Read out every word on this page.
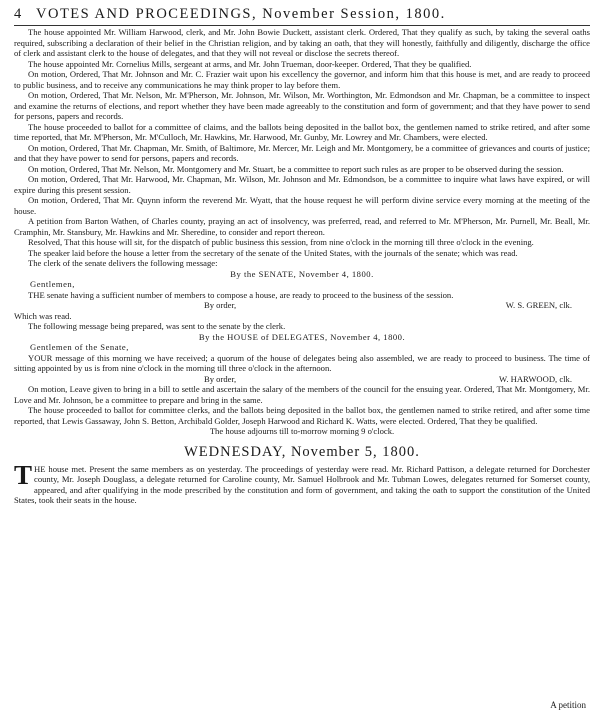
4	VOTES AND PROCEEDINGS, November Session, 1800.

The house appointed Mr. William Harwood, clerk, and Mr. John Bowie Duckett, assistant clerk. Ordered, That they qualify as such, by taking the several oaths required, subscribing a declaration of their belief in the Christian religion, and by taking an oath, that they will honestly, faithfully and diligently, discharge the office of clerk and assistant clerk to the house of delegates, and that they will not reveal or disclose the secrets thereof.

The house appointed Mr. Cornelius Mills, sergeant at arms, and Mr. John Trueman, door-keeper. Ordered, That they be qualified.

On motion, Ordered, That Mr. Johnson and Mr. C. Frazier wait upon his excellency the governor, and inform him that this house is met, and are ready to proceed to public business, and to receive any communications he may think proper to lay before them.

On motion, Ordered, That Mr. Nelson, Mr. M'Pherson, Mr. Johnson, Mr. Wilson, Mr. Worthington, Mr. Edmondson and Mr. Chapman, be a committee to inspect and examine the returns of elections, and report whether they have been made agreeably to the constitution and form of government; and that they have power to send for persons, papers and records.

The house proceeded to ballot for a committee of claims, and the ballots being deposited in the ballot box, the gentlemen named to strike retired, and after some time reported, that Mr. M'Pherson, Mr. M'Culloch, Mr. Hawkins, Mr. Harwood, Mr. Gunby, Mr. Lowrey and Mr. Chambers, were elected.

On motion, Ordered, That Mr. Chapman, Mr. Smith, of Baltimore, Mr. Mercer, Mr. Leigh and Mr. Montgomery, be a committee of grievances and courts of justice; and that they have power to send for persons, papers and records.

On motion, Ordered, That Mr. Nelson, Mr. Montgomery and Mr. Stuart, be a committee to report such rules as are proper to be observed during the session.

On motion, Ordered, That Mr. Harwood, Mr. Chapman, Mr. Wilson, Mr. Johnson and Mr. Edmondson, be a committee to inquire what laws have expired, or will expire during this present session.

On motion, Ordered, That Mr. Quynn inform the reverend Mr. Wyatt, that the house request he will perform divine service every morning at the meeting of the house.

A petition from Barton Wathen, of Charles county, praying an act of insolvency, was preferred, read, and referred to Mr. M'Pherson, Mr. Purnell, Mr. Beall, Mr. Cramphin, Mr. Stansbury, Mr. Hawkins and Mr. Sheredine, to consider and report thereon.

Resolved, That this house will sit, for the dispatch of public business this session, from nine o'clock in the morning till three o'clock in the evening.

The speaker laid before the house a letter from the secretary of the senate of the United States, with the journals of the senate; which was read.

The clerk of the senate delivers the following message:

By the SENATE, November 4, 1800.

Gentlemen,

THE senate having a sufficient number of members to compose a house, are ready to proceed to the business of the session.

By order,	W. S. GREEN, clk.

Which was read.

The following message being prepared, was sent to the senate by the clerk.

By the HOUSE of DELEGATES, November 4, 1800.

Gentlemen of the Senate,

YOUR message of this morning we have received; a quorum of the house of delegates being also assembled, we are ready to proceed to business. The time of sitting appointed by us is from nine o'clock in the morning till three o'clock in the afternoon.

By order,	W. HARWOOD, clk.

On motion, Leave given to bring in a bill to settle and ascertain the salary of the members of the council for the ensuing year. Ordered, That Mr. Montgomery, Mr. Love and Mr. Johnson, be a committee to prepare and bring in the same.

The house proceeded to ballot for committee clerks, and the ballots being deposited in the ballot box, the gentlemen named to strike retired, and after some time reported, that Lewis Gassaway, John S. Betton, Archibald Golder, Joseph Harwood and Richard K. Watts, were elected. Ordered, That they be qualified.

The house adjourns till to-morrow morning 9 o'clock.

WEDNESDAY, November 5, 1800.

THE house met. Present the same members as on yesterday. The proceedings of yesterday were read. Mr. Richard Pattison, a delegate returned for Dorchester county, Mr. Joseph Douglass, a delegate returned for Caroline county, Mr. Samuel Holbrook and Mr. Tubman Lowes, delegates returned for Somerset county, appeared, and after qualifying in the mode prescribed by the constitution and form of government, and taking the oath to support the constitution of the United States, took their seats in the house.

A petition
